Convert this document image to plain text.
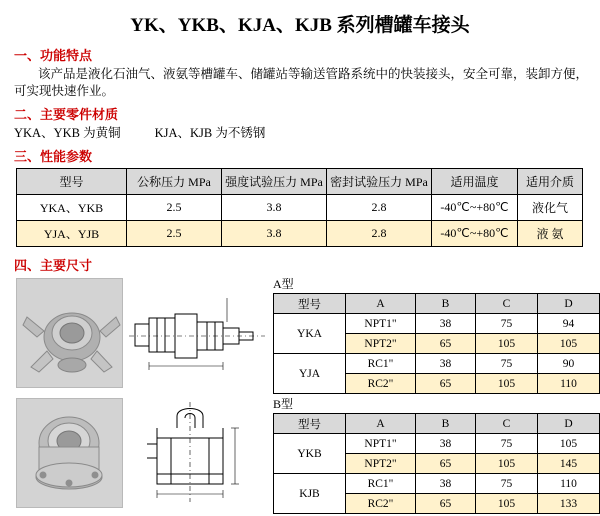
YK、YKB、KJA、KJB 系列槽罐车接头
一、功能特点
该产品是液化石油气、液氨等槽罐车、储罐站等输送管路系统中的快装接头，安全可靠，装卸方便，可实现快速作业。
二、主要零件材质
YKA、YKB 为黄铜	KJA、KJB 为不锈钢
三、性能参数
型号	公称压力 MPa	强度试验压力 MPa	密封试验压力 MPa	适用温度	适用介质
YKA、YKB	2.5	3.8	2.8	-40℃~+80℃	液化气
YJA、YJB	2.5	3.8	2.8	-40℃~+80℃	液 氨
四、主要尺寸
A型
型号	A	B	C	D
YKA	NPT1"	38	75	94
	NPT2"	65	105	105
YJA	RC1"	38	75	90
	RC2"	65	105	110
B型
型号	A	B	C	D
YKB	NPT1"	38	75	105
	NPT2"	65	105	145
KJB	RC1"	38	75	110
	RC2"	65	105	133
